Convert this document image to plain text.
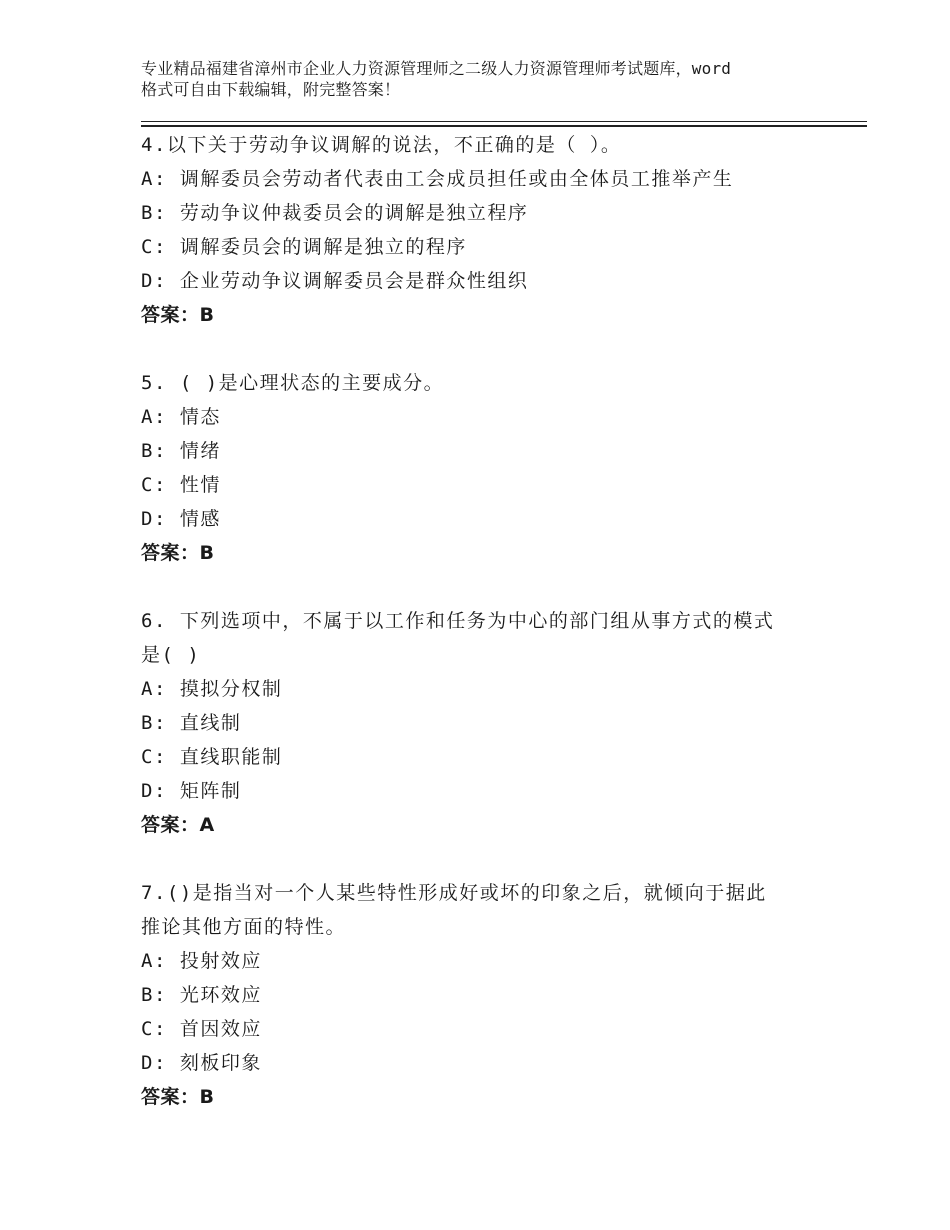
专业精品福建省漳州市企业人力资源管理师之二级人力资源管理师考试题库，word
格式可自由下载编辑，附完整答案！
4.以下关于劳动争议调解的说法，不正确的是（ ）。
A: 调解委员会劳动者代表由工会成员担任或由全体员工推举产生
B: 劳动争议仲裁委员会的调解是独立程序
C: 调解委员会的调解是独立的程序
D: 企业劳动争议调解委员会是群众性组织
答案：B
5. ( )是心理状态的主要成分。
A: 情态
B: 情绪
C: 性情
D: 情感
答案：B
6. 下列选项中，不属于以工作和任务为中心的部门组从事方式的模式
是( )
A: 摸拟分权制
B: 直线制
C: 直线职能制
D: 矩阵制
答案：A
7.()是指当对一个人某些特性形成好或坏的印象之后，就倾向于据此
推论其他方面的特性。
A: 投射效应
B: 光环效应
C: 首因效应
D: 刻板印象
答案：B
